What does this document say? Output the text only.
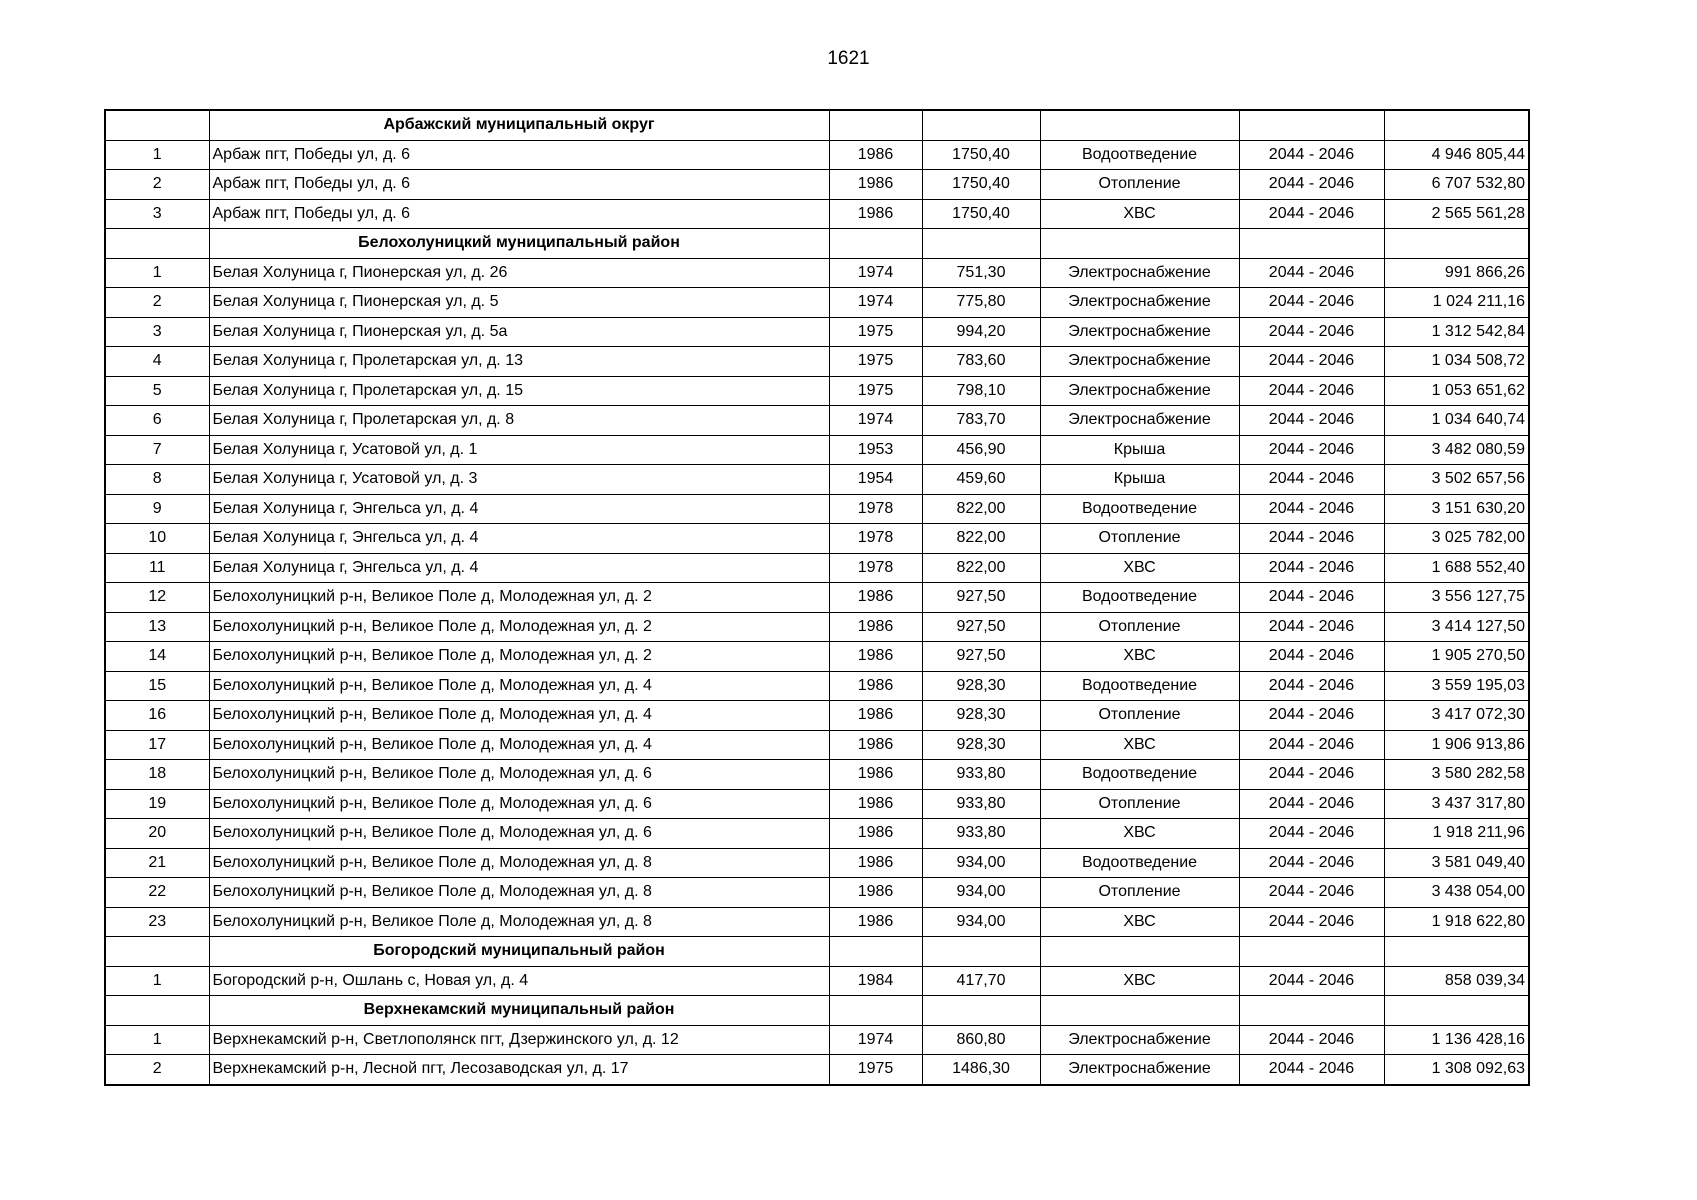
1621
	Арбажский муниципальный округ					
1	Арбаж пгт, Победы ул, д. 6	1986	1750,40	Водоотведение	2044 - 2046	4 946 805,44
2	Арбаж пгт, Победы ул, д. 6	1986	1750,40	Отопление	2044 - 2046	6 707 532,80
3	Арбаж пгт, Победы ул, д. 6	1986	1750,40	ХВС	2044 - 2046	2 565 561,28
	Белохолуницкий муниципальный район					
1	Белая Холуница г, Пионерская ул, д. 26	1974	751,30	Электроснабжение	2044 - 2046	991 866,26
2	Белая Холуница г, Пионерская ул, д. 5	1974	775,80	Электроснабжение	2044 - 2046	1 024 211,16
3	Белая Холуница г, Пионерская ул, д. 5а	1975	994,20	Электроснабжение	2044 - 2046	1 312 542,84
4	Белая Холуница г, Пролетарская ул, д. 13	1975	783,60	Электроснабжение	2044 - 2046	1 034 508,72
5	Белая Холуница г, Пролетарская ул, д. 15	1975	798,10	Электроснабжение	2044 - 2046	1 053 651,62
6	Белая Холуница г, Пролетарская ул, д. 8	1974	783,70	Электроснабжение	2044 - 2046	1 034 640,74
7	Белая Холуница г, Усатовой ул, д. 1	1953	456,90	Крыша	2044 - 2046	3 482 080,59
8	Белая Холуница г, Усатовой ул, д. 3	1954	459,60	Крыша	2044 - 2046	3 502 657,56
9	Белая Холуница г, Энгельса ул, д. 4	1978	822,00	Водоотведение	2044 - 2046	3 151 630,20
10	Белая Холуница г, Энгельса ул, д. 4	1978	822,00	Отопление	2044 - 2046	3 025 782,00
11	Белая Холуница г, Энгельса ул, д. 4	1978	822,00	ХВС	2044 - 2046	1 688 552,40
12	Белохолуницкий р-н, Великое Поле д, Молодежная ул, д. 2	1986	927,50	Водоотведение	2044 - 2046	3 556 127,75
13	Белохолуницкий р-н, Великое Поле д, Молодежная ул, д. 2	1986	927,50	Отопление	2044 - 2046	3 414 127,50
14	Белохолуницкий р-н, Великое Поле д, Молодежная ул, д. 2	1986	927,50	ХВС	2044 - 2046	1 905 270,50
15	Белохолуницкий р-н, Великое Поле д, Молодежная ул, д. 4	1986	928,30	Водоотведение	2044 - 2046	3 559 195,03
16	Белохолуницкий р-н, Великое Поле д, Молодежная ул, д. 4	1986	928,30	Отопление	2044 - 2046	3 417 072,30
17	Белохолуницкий р-н, Великое Поле д, Молодежная ул, д. 4	1986	928,30	ХВС	2044 - 2046	1 906 913,86
18	Белохолуницкий р-н, Великое Поле д, Молодежная ул, д. 6	1986	933,80	Водоотведение	2044 - 2046	3 580 282,58
19	Белохолуницкий р-н, Великое Поле д, Молодежная ул, д. 6	1986	933,80	Отопление	2044 - 2046	3 437 317,80
20	Белохолуницкий р-н, Великое Поле д, Молодежная ул, д. 6	1986	933,80	ХВС	2044 - 2046	1 918 211,96
21	Белохолуницкий р-н, Великое Поле д, Молодежная ул, д. 8	1986	934,00	Водоотведение	2044 - 2046	3 581 049,40
22	Белохолуницкий р-н, Великое Поле д, Молодежная ул, д. 8	1986	934,00	Отопление	2044 - 2046	3 438 054,00
23	Белохолуницкий р-н, Великое Поле д, Молодежная ул, д. 8	1986	934,00	ХВС	2044 - 2046	1 918 622,80
	Богородский муниципальный район					
1	Богородский р-н, Ошлань с, Новая ул, д. 4	1984	417,70	ХВС	2044 - 2046	858 039,34
	Верхнекамский муниципальный район					
1	Верхнекамский р-н, Светлополянск пгт, Дзержинского ул, д. 12	1974	860,80	Электроснабжение	2044 - 2046	1 136 428,16
2	Верхнекамский р-н, Лесной пгт, Лесозаводская ул, д. 17	1975	1486,30	Электроснабжение	2044 - 2046	1 308 092,63
